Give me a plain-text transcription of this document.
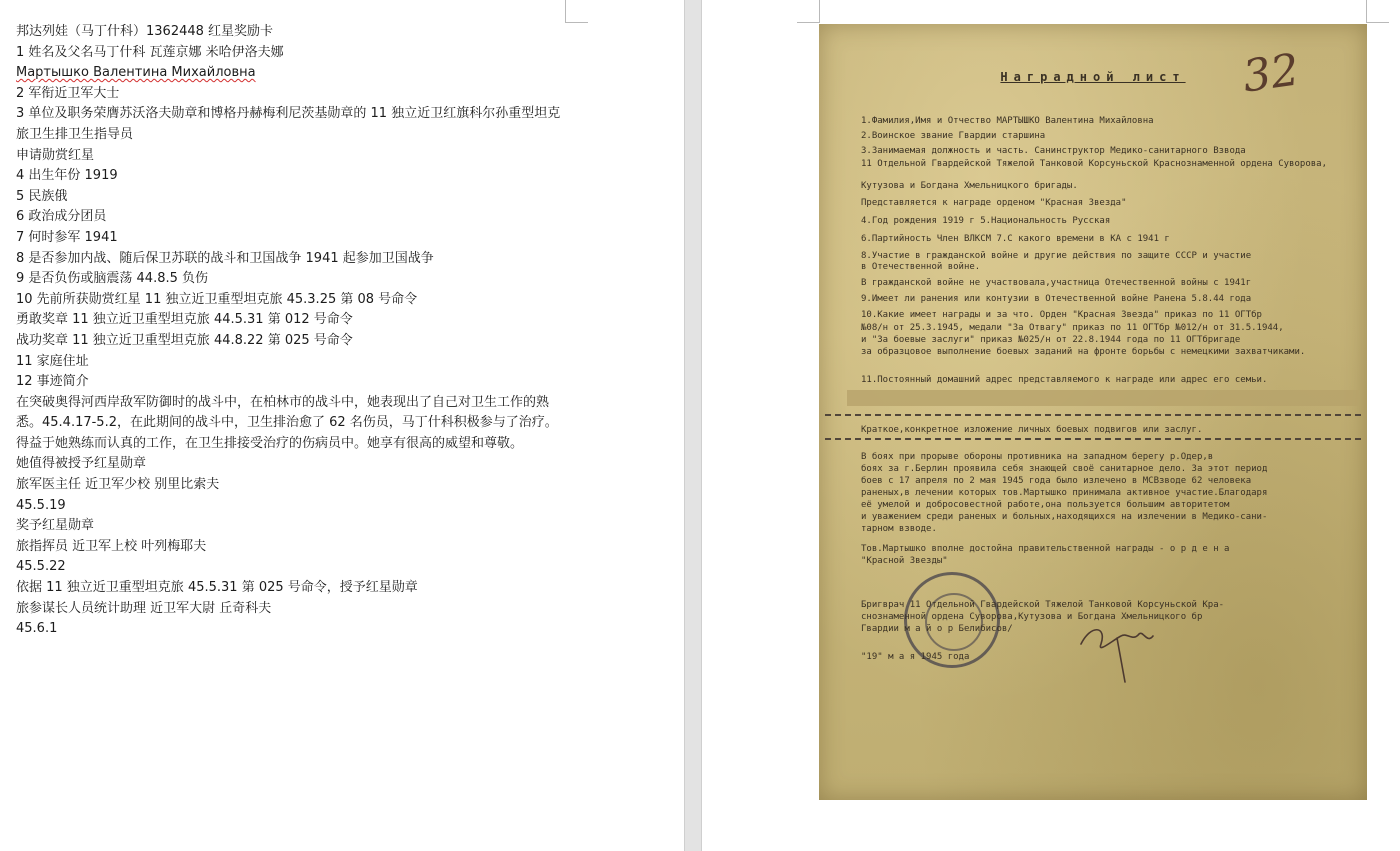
邦达列娃（马丁什科）1362448 红星奖励卡
1 姓名及父名马丁什科 瓦莲京娜 米哈伊洛夫娜
Мартышко Валентина Михайловна
2 军衔近卫军大士
3 单位及职务荣膺苏沃洛夫勋章和博格丹赫梅利尼茨基勋章的 11 独立近卫红旗科尔孙重型坦克旅卫生排卫生指导员
申请勋赏红星
4 出生年份 1919
5 民族俄
6 政治成分团员
7 何时参军 1941
8 是否参加内战、随后保卫苏联的战斗和卫国战争 1941 起参加卫国战争
9 是否负伤或脑震荡 44.8.5 负伤
10 先前所获勋赏红星 11 独立近卫重型坦克旅 45.3.25 第 08 号命令
勇敢奖章 11 独立近卫重型坦克旅 44.5.31 第 012 号命令
战功奖章 11 独立近卫重型坦克旅 44.8.22 第 025 号命令
11 家庭住址
12 事迹简介
在突破奥得河西岸敌军防御时的战斗中，在柏林市的战斗中，她表现出了自己对卫生工作的熟悉。45.4.17-5.2，在此期间的战斗中，卫生排治愈了 62 名伤员，马丁什科积极参与了治疗。得益于她熟练而认真的工作，在卫生排接受治疗的伤病员中。她享有很高的威望和尊敬。
她值得被授予红星勋章
旅军医主任 近卫军少校 别里比索夫
45.5.19
奖予红星勋章
旅指挥员 近卫军上校 叶列梅耶夫
45.5.22
依据 11 独立近卫重型坦克旅 45.5.31 第 025 号命令，授予红星勋章
旅参谋长人员统计助理 近卫军大尉 丘奇科夫
45.6.1
Наградной лист	32
1.Фамилия,Имя и Отчество МАРТЫШКО Валентина Михайловна
2.Воинское звание Гвардии старшина
3.Занимаемая должность и часть. Санинструктор Медико-санитарного Взвода
11 Отдельной Гвардейской Тяжелой Танковой Корсуньской Краснознаменной ордена Суворова,
Кутузова и Богдана Хмельницкого бригады.
Представляется к награде орденом "Красная Звезда"
4.Год рождения 1919 г 5.Национальность Русская
6.Партийность Член ВЛКСМ 7.С какого времени в КА с 1941 г
8.Участие в гражданской войне и другие действия по защите СССР и участие
в Отечественной войне.
В гражданской войне не участвовала,участница Отечественной войны с 1941г
9.Имеет ли ранения или контузии в Отечественной войне Ранена 5.8.44 года
10.Какие имеет награды и за что. Орден "Красная Звезда" приказ по 11 ОГТбр
№08/н от 25.3.1945, медали "За Отвагу" приказ по 11 ОГТбр №012/н от 31.5.1944,
и "За боевые заслуги" приказ №025/н от 22.8.1944 года по 11 ОГТбригаде
за образцовое выполнение боевых заданий на фронте борьбы с немецкими захватчиками.
11.Постоянный домашний адрес представляемого к награде или адрес его семьи.
Краткое,конкретное изложение личных боевых подвигов или заслуг.
В боях при прорыве обороны противника на западном берегу р.Одер,в
боях за г.Берлин проявила себя знающей своё санитарное дело. За этот период
боев с 17 апреля по 2 мая 1945 года было излечено в МСВзводе 62 человека
раненых,в лечении которых тов.Мартышко принимала активное участие.Благодаря
её умелой и добросовестной работе,она пользуется большим авторитетом
и уважением среди раненых и больных,находящихся на излечении в Медико-сани-
тарном взводе.
Тов.Мартышко вполне достойна правительственной награды - о р д е н а
"Красной Звезды"
Бригврач 11 Отдельной Гвардейской Тяжелой Танковой Корсуньской Кра-
снознаменной ордена Суворова,Кутузова и Богдана Хмельницкого бр
Гвардии м а й о р Белибисов/
"19" м а я 1945 года
